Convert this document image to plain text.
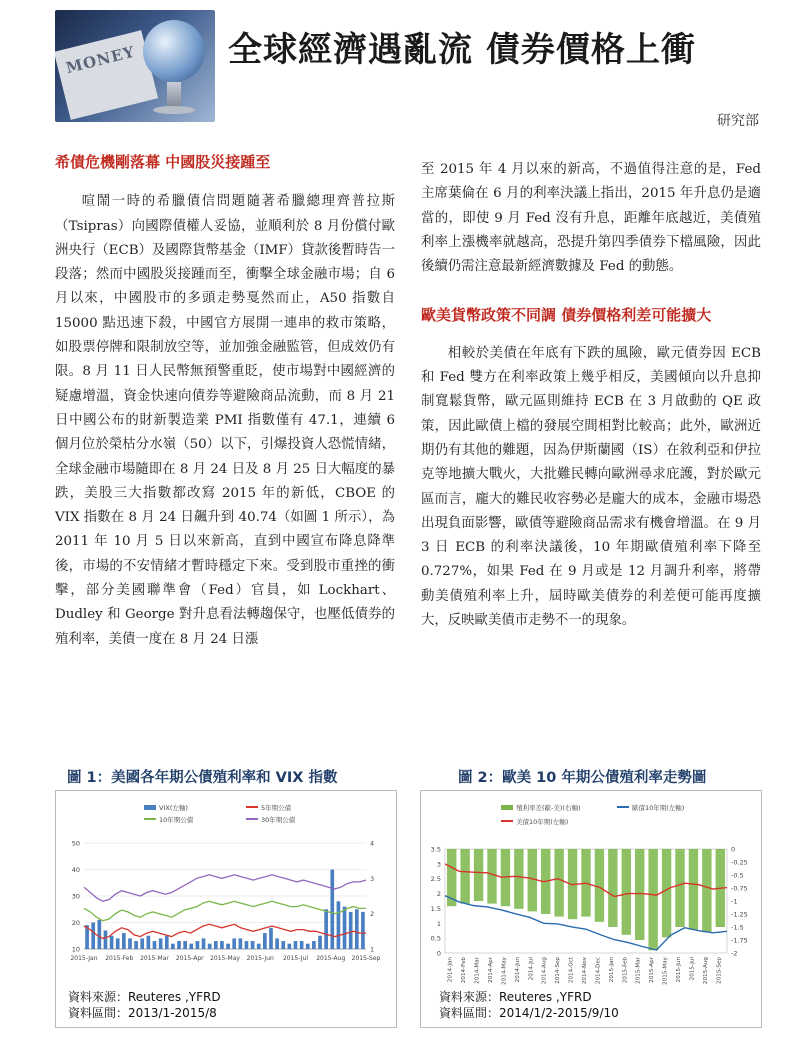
MONEY	全球經濟遇亂流 債券價格上衝
研究部
希債危機剛落幕 中國股災接踵至

喧鬧一時的希臘債信問題隨著希臘總理齊普拉斯（Tsipras）向國際債權人妥協，並順利於 8 月份償付歐洲央行（ECB）及國際貨幣基金（IMF）貸款後暫時告一段落；然而中國股災接踵而至，衝擊全球金融市場；自 6 月以來，中國股市的多頭走勢戛然而止，A50 指數自 15000 點迅速下殺，中國官方展開一連串的救市策略，如股票停牌和限制放空等，並加強金融監管，但成效仍有限。8 月 11 日人民幣無預警重貶，使市場對中國經濟的疑慮增溫，資金快速向債券等避險商品流動，而 8 月 21 日中國公布的財新製造業 PMI 指數僅有 47.1，連續 6 個月位於榮枯分水嶺（50）以下，引爆投資人恐慌情緒，全球金融市場隨即在 8 月 24 日及 8 月 25 日大幅度的暴跌，美股三大指數都改寫 2015 年的新低，CBOE 的 VIX 指數在 8 月 24 日飆升到 40.74（如圖 1 所示），為 2011 年 10 月 5 日以來新高，直到中國宣布降息降準後，市場的不安情緒才暫時穩定下來。受到股市重挫的衝擊，部分美國聯準會（Fed）官員，如 Lockhart、Dudley 和 George 對升息看法轉趨保守，也壓低債券的殖利率，美債一度在 8 月 24 日漲

至 2015 年 4 月以來的新高，不過值得注意的是，Fed 主席葉倫在 6 月的利率決議上指出，2015 年升息仍是適當的，即使 9 月 Fed 沒有升息，距離年底越近，美債殖利率上漲機率就越高，恐提升第四季債券下檔風險，因此後續仍需注意最新經濟數據及 Fed 的動態。

歐美貨幣政策不同調 債券價格利差可能擴大

相較於美債在年底有下跌的風險，歐元債券因 ECB 和 Fed 雙方在利率政策上幾乎相反，美國傾向以升息抑制寬鬆貨幣，歐元區則維持 ECB 在 3 月啟動的 QE 政策，因此歐債上檔的發展空間相對比較高；此外，歐洲近期仍有其他的難題，因為伊斯蘭國（IS）在敘利亞和伊拉克等地擴大戰火，大批難民轉向歐洲尋求庇護，對於歐元區而言，龐大的難民收容勢必是龐大的成本，金融市場恐出現負面影響，歐債等避險商品需求有機會增溫。在 9 月 3 日 ECB 的利率決議後，10 年期歐債殖利率下降至 0.727%，如果 Fed 在 9 月或是 12 月調升利率，將帶動美債殖利率上升，屆時歐美債券的利差便可能再度擴大，反映歐美債市走勢不一的現象。

圖 1：美國各年期公債殖利率和 VIX 指數
VIX(左軸)	5年期公債
10年期公債	30年期公債
10
20
30
40
50
1
2
3
4
2015-Jan 2015-Feb 2015-Mar 2015-Apr 2015-May 2015-Jun 2015-Jul 2015-Aug 2015-Sep
資料來源：Reuteres ,YFRD
資料區間：2013/1-2015/8
圖 2：歐美 10 年期公債殖利率走勢圖
殖利率差(歐-美)(右軸)	歐債10年期(左軸)
美債10年期(左軸)
0
0.5
1
1.5
2
2.5
3
3.5	0
-0.25
-0.5
-0.75
-1
-1.25
-1.5
-1.75
-2
2014-Jan 2014-Feb 2014-Mar 2014-Apr 2014-May 2014-Jun 2014-Jul 2014-Aug 2014-Sep 2014-Oct 2014-Nov 2014-Dec 2015-Jan 2015-Feb 2015-Mar 2015-Apr 2015-May 2015-Jun 2015-Jul 2015-Aug 2015-Sep
資料來源：Reuteres ,YFRD
資料區間：2014/1/2-2015/9/10
